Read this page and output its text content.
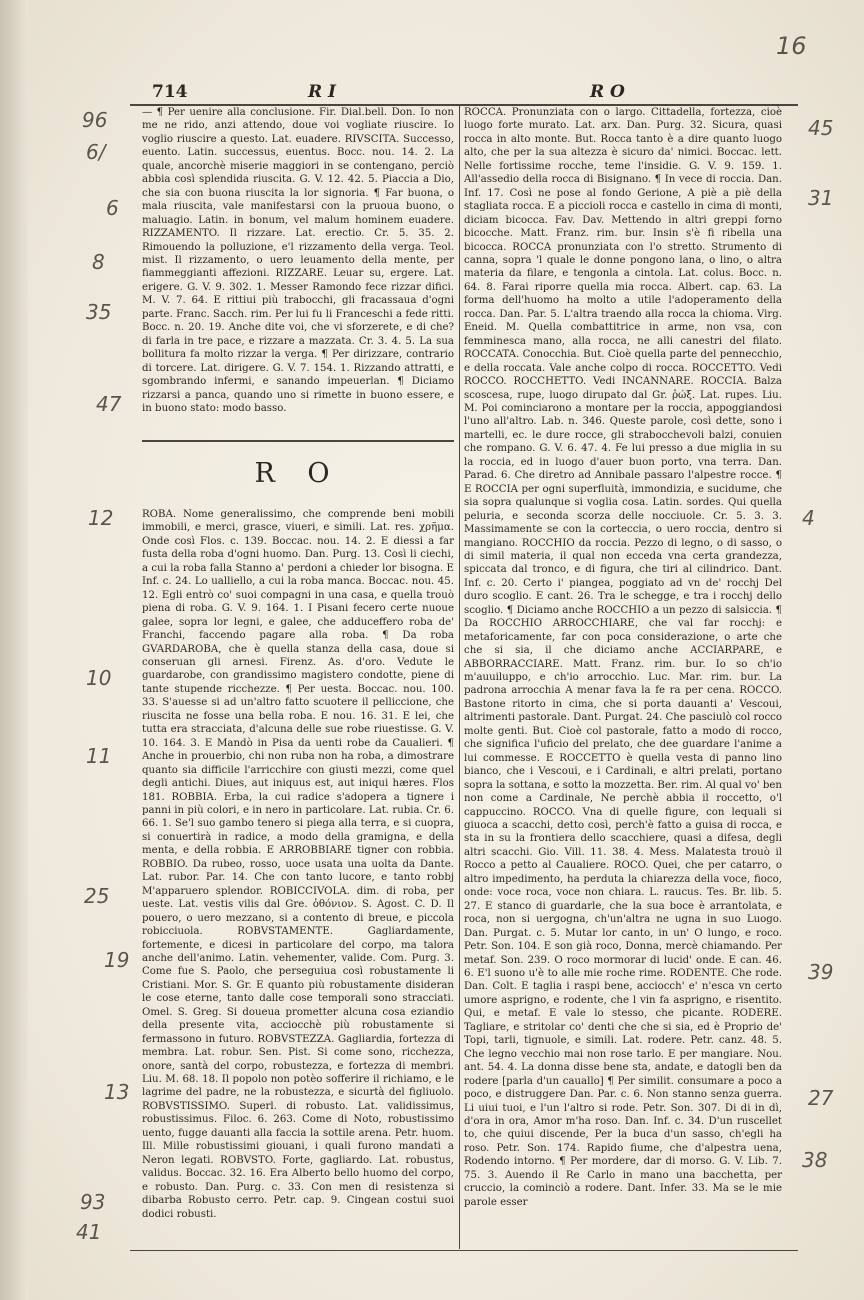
714	R I	R O

— ¶ Per uenire alla conclusione. Fir. Dial.bell. Don. Io non me ne rido, anzi attendo, doue voi vogliate riuscire. Io voglio riuscire a questo. Lat. euadere. RIVSCITA. Successo, euento. Latin. successus, euentus. Bocc. nou. 14. 2. La quale, ancorchè miserie maggiori in se contengano, perciò abbia così splendida riuscita. G. V. 12. 42. 5. Piaccia a Dio, che sia con buona riuscita la lor signoria. ¶ Far buona, o mala riuscita, vale manifestarsi con la pruoua buono, o maluagio. Latin. in bonum, vel malum hominem euadere. RIZZAMENTO. Il rizzare. Lat. erectio. Cr. 5. 35. 2. Rimouendo la polluzione, e'l rizzamento della verga. Teol. mist. Il rizzamento, o uero leuamento della mente, per fiammeggianti affezioni. RIZZARE. Leuar su, ergere. Lat. erigere. G. V. 9. 302. 1. Messer Ramondo fece rizzar difici. M. V. 7. 64. E rittiui più trabocchi, gli fracassaua d'ogni parte. Franc. Sacch. rim. Per lui fu li Franceschi a fede ritti. Bocc. n. 20. 19. Anche dite voi, che vi sforzerete, e di che? di farla in tre pace, e rizzare a mazzata. Cr. 3. 4. 5. La sua bollitura fa molto rizzar la verga. ¶ Per dirizzare, contrario di torcere. Lat. dirigere. G. V. 7. 154. 1. Rizzando attratti, e sgombrando infermi, e sanando impeuerlan. ¶ Diciamo rizzarsi a panca, quando uno si rimette in buono essere, e in buono stato: modo basso.

R O

ROBA. Nome generalissimo, che comprende beni mobili immobili, e merci, grasce, viueri, e simili. Lat. res. χρῆμα. Onde così Flos. c. 139. Boccac. nou. 14. 2. E diessi a far fusta della roba d'ogni huomo. Dan. Purg. 13. Così li ciechi, a cui la roba falla Stanno a' perdoni a chieder lor bisogna. E Inf. c. 24. Lo ualliello, a cui la roba manca. Boccac. nou. 45. 12. Egli entrò co' suoi compagni in una casa, e quella trouò piena di roba. G. V. 9. 164. 1. I Pisani fecero certe nuoue galee, sopra lor legni, e galee, che adduceffero roba de' Franchi, faccendo pagare alla roba. ¶ Da roba GVARDAROBA, che è quella stanza della casa, doue si conseruan gli arnesi. Firenz. As. d'oro. Vedute le guardarobe, con grandissimo magistero condotte, piene di tante stupende ricchezze. ¶ Per uesta. Boccac. nou. 100. 33. S'auesse si ad un'altro fatto scuotere il pelliccione, che riuscita ne fosse una bella roba. E nou. 16. 31. E lei, che tutta era stracciata, d'alcuna delle sue robe riuestisse. G. V. 10. 164. 3. E Mandò in Pisa da uenti robe da Caualieri. ¶ Anche in prouerbio, chi non ruba non ha roba, a dimostrare quanto sia difficile l'arricchire con giusti mezzi, come quel degli antichi. Diues, aut iniquus est, aut iniqui hæres. Flos 181. ROBBIA. Erba, la cui radice s'adopera a tignere i panni in più colori, e in nero in particolare. Lat. rubia. Cr. 6. 66. 1. Se'l suo gambo tenero si piega alla terra, e si cuopra, si conuertirà in radice, a modo della gramigna, e della menta, e della robbia. E ARROBBIARE tigner con robbia. ROBBIO. Da rubeo, rosso, uoce usata una uolta da Dante. Lat. rubor. Par. 14. Che con tanto lucore, e tanto robbj M'apparuero splendor. ROBICCIVOLA. dim. di roba, per ueste. Lat. vestis vilis dal Gre. ὀθόνιον. S. Agost. C. D. Il pouero, o uero mezzano, si a contento di breue, e piccola robicciuola. ROBVSTAMENTE. Gagliardamente, fortemente, e dicesi in particolare del corpo, ma talora anche dell'animo. Latin. vehementer, valide. Com. Purg. 3. Come fue S. Paolo, che perseguiua così robustamente li Cristiani. Mor. S. Gr. E quanto più robustamente disideran le cose eterne, tanto dalle cose temporali sono stracciati. Omel. S. Greg. Si doueua prometter alcuna cosa eziandio della presente vita, acciocchè più robustamente si fermassono in futuro. ROBVSTEZZA. Gagliardia, fortezza di membra. Lat. robur. Sen. Pist. Si come sono, ricchezza, onore, santà del corpo, robustezza, e fortezza di membri. Liu. M. 68. 18. Il popolo non potèo sofferire il richiamo, e le lagrime del padre, ne la robustezza, e sicurtà del figliuolo. ROBVSTISSIMO. Superl. di robusto. Lat. validissimus, robustissimus. Filoc. 6. 263. Come di Noto, robustissimo uento, fugge dauanti alla faccia la sottile arena. Petr. huom. Ill. Mille robustissimi giouani, i quali furono mandati a Neron legati. ROBVSTO. Forte, gagliardo. Lat. robustus, validus. Boccac. 32. 16. Era Alberto bello huomo del corpo, e robusto. Dan. Purg. c. 33. Con men di resistenza si dibarba Robusto cerro. Petr. cap. 9. Cingean costui suoi dodici robusti.

ROCCA. Pronunziata con o largo. Cittadella, fortezza, cioè luogo forte murato. Lat. arx. Dan. Purg. 32. Sicura, quasi rocca in alto monte. But. Rocca tanto è a dire quanto luogo alto, che per la sua altezza è sicuro da' nimici. Boccac. lett. Nelle fortissime rocche, teme l'insidie. G. V. 9. 159. 1. All'assedio della rocca di Bisignano. ¶ In vece di roccia. Dan. Inf. 17. Così ne pose al fondo Gerione, A piè a piè della stagliata rocca. E a piccioli rocca e castello in cima di monti, diciam bicocca. Fav. Dav. Mettendo in altri greppi forno bicocche. Matt. Franz. rim. bur. Insin s'è fi ribella una bicocca. ROCCA pronunziata con l'o stretto. Strumento di canna, sopra 'l quale le donne pongono lana, o lino, o altra materia da filare, e tengonla a cintola. Lat. colus. Bocc. n. 64. 8. Farai riporre quella mia rocca. Albert. cap. 63. La forma dell'huomo ha molto a utile l'adoperamento della rocca. Dan. Par. 5. L'altra traendo alla rocca la chioma. Virg. Eneid. M. Quella combattitrice in arme, non vsa, con femminesca mano, alla rocca, ne alli canestri del filato. ROCCATA. Conocchia. But. Cioè quella parte del pennecchio, e della roccata. Vale anche colpo di rocca. ROCCETTO. Vedi ROCCO. ROCCHETTO. Vedi INCANNARE. ROCCIA. Balza scoscesa, rupe, luogo dirupato dal Gr. ῥώξ. Lat. rupes. Liu. M. Poi cominciarono a montare per la roccia, appoggiandosi l'uno all'altro. Lab. n. 346. Queste parole, così dette, sono i martelli, ec. le dure rocce, gli strabocchevoli balzi, conuien che rompano. G. V. 6. 47. 4. Fe lui presso a due miglia in su la roccia, ed in luogo d'auer buon porto, vna terra. Dan. Parad. 6. Che diretro ad Annibale passaro l'alpestre rocce. ¶ E ROCCIA per ogni superfluità, immondizia, e sucidume, che sia sopra qualunque si voglia cosa. Latin. sordes. Qui quella peluria, e seconda scorza delle nocciuole. Cr. 5. 3. 3. Massimamente se con la corteccia, o uero roccia, dentro si mangiano. ROCCHIO da roccia. Pezzo di legno, o di sasso, o di simil materia, il qual non ecceda vna certa grandezza, spiccata dal tronco, e di figura, che tiri al cilindrico. Dant. Inf. c. 20. Certo i' piangea, poggiato ad vn de' rocchj Del duro scoglio. E cant. 26. Tra le schegge, e tra i rocchj dello scoglio. ¶ Diciamo anche ROCCHIO a un pezzo di salsiccia. ¶ Da ROCCHIO ARROCCHIARE, che val far rocchj: e metaforicamente, far con poca considerazione, o arte che che si sia, il che diciamo anche ACCIARPARE, e ABBORRACCIARE. Matt. Franz. rim. bur. Io so ch'io m'auuiluppo, e ch'io arrocchio. Luc. Mar. rim. bur. La padrona arrocchia A menar fava la fe ra per cena. ROCCO. Bastone ritorto in cima, che si porta dauanti a' Vescoui, altrimenti pastorale. Dant. Purgat. 24. Che pasciulò col rocco molte genti. But. Cioè col pastorale, fatto a modo di rocco, che significa l'uficio del prelato, che dee guardare l'anime a lui commesse. E ROCCETTO è quella vesta di panno lino bianco, che i Vescoui, e i Cardinali, e altri prelati, portano sopra la sottana, e sotto la mozzetta. Ber. rim. Al qual vo' ben non come a Cardinale, Ne perchè abbia il roccetto, o'l cappuccino. ROCCO. Vna di quelle figure, con lequali si giuoca a scacchi, detto così, perch'è fatto a guisa di rocca, e sta in su la frontiera dello scacchiere, quasi a difesa, degli altri scacchi. Gio. Vill. 11. 38. 4. Mess. Malatesta trouò il Rocco a petto al Caualiere. ROCO. Quei, che per catarro, o altro impedimento, ha perduta la chiarezza della voce, fioco, onde: voce roca, voce non chiara. L. raucus. Tes. Br. lib. 5. 27. E stanco di guardarle, che la sua boce è arrantolata, e roca, non si uergogna, ch'un'altra ne ugna in suo Luogo. Dan. Purgat. c. 5. Mutar lor canto, in un' O lungo, e roco. Petr. Son. 104. E son già roco, Donna, mercè chiamando. Per metaf. Son. 239. O roco mormorar di lucid' onde. E can. 46. 6. E'l suono u'è to alle mie roche rime. RODENTE. Che rode. Dan. Colt. E taglia i raspi bene, acciocch' e' n'esca vn certo umore asprigno, e rodente, che l vin fa asprigno, e risentito. Qui, e metaf. E vale lo stesso, che picante. RODERE. Tagliare, e stritolar co' denti che che si sia, ed è Proprio de' Topi, tarli, tignuole, e simili. Lat. rodere. Petr. canz. 48. 5. Che legno vecchio mai non rose tarlo. E per mangiare. Nou. ant. 54. 4. La donna disse bene sta, andate, e datogli ben da rodere [parla d'un cauallo] ¶ Per similit. consumare a poco a poco, e distruggere Dan. Par. c. 6. Non stanno senza guerra. Li uiui tuoi, e l'un l'altro si rode. Petr. Son. 307. Di di in dì, d'ora in ora, Amor m'ha roso. Dan. Inf. c. 34. D'un ruscellet to, che quiui discende, Per la buca d'un sasso, ch'egli ha roso. Petr. Son. 174. Rapido fiume, che d'alpestra uena, Rodendo intorno. ¶ Per mordere, dar di morso. G. V. Lib. 7. 75. 3. Auendo il Re Carlo in mano una bacchetta, per cruccio, la cominciò a rodere. Dant. Infer. 33. Ma se le mie parole esser

96
6/
6
8
35
47
45
31
4
12
10
11
25
39
19
27
13
38
93
41
16
